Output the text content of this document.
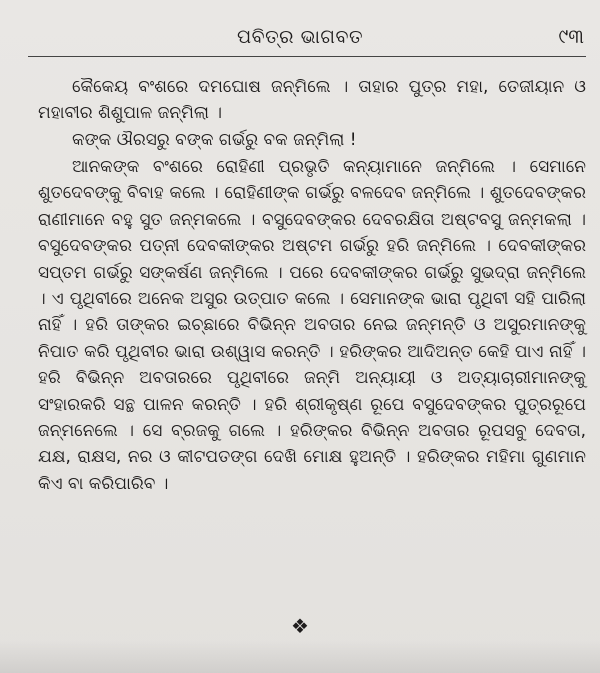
ପବିତ୍ର ଭାଗବତ	୯୩

କୈକେୟ ବଂଶରେ ଦମଘୋଷ ଜନ୍ମିଲେ । ତାହାର ପୁତ୍ର ମହା, ତେଜୀୟାନ ଓ ମହାବୀର ଶିଶୁପାଳ ଜନ୍ମିଲା ।

କଙ୍କ ଔରସରୁ ବଙ୍କ ଗର୍ଭରୁ ବକ ଜନ୍ମିଲା !

ଆନକଙ୍କ ବଂଶରେ ରୋହିଣୀ ପ୍ରଭୃତି କନ୍ୟାମାନେ ଜନ୍ମିଲେ । ସେମାନେ ଶୁତଦେବଙ୍କୁ ବିବାହ କଲେ । ରୋହିଣୀଙ୍କ ଗର୍ଭରୁ ବଳଦେବ ଜନ୍ମିଲେ । ଶୁତଦେବଙ୍କର ରାଣୀମାନେ ବହୁ ସୁତ ଜନ୍ମକଲେ । ବସୁଦେବଙ୍କର ଦେବରକ୍ଷିତା ଅଷ୍ଟବସୁ ଜନ୍ମକଲା । ବସୁଦେବଙ୍କର ପତ୍ନୀ ଦେବକୀଙ୍କର ଅଷ୍ଟମ ଗର୍ଭରୁ ହରି ଜନ୍ମିଲେ । ଦେବକୀଙ୍କର ସପ୍ତମ ଗର୍ଭରୁ ସଙ୍କର୍ଷଣ ଜନ୍ମିଲେ । ପରେ ଦେବକୀଙ୍କର ଗର୍ଭରୁ ସୁଭଦ୍ରା ଜନ୍ମିଲେ । ଏ ପୃଥିବୀରେ ଅନେକ ଅସୁର ଉତ୍ପାତ କଲେ । ସେମାନଙ୍କ ଭାରା ପୃଥିବୀ ସହି ପାରିଲା ନାହିଁ । ହରି ତାଙ୍କର ଇଚ୍ଛାରେ ବିଭିନ୍ନ ଅବତାର ନେଇ ଜନ୍ମନ୍ତି ଓ ଅସୁରମାନଙ୍କୁ ନିପାତ କରି ପୃଥିବୀର ଭାରା ଉଶ୍ୱାସ କରନ୍ତି । ହରିଙ୍କର ଆଦିଅନ୍ତ କେହି ପାଏ ନାହିଁ । ହରି ବିଭିନ୍ନ ଅବତାରରେ ପୃଥିବୀରେ ଜନ୍ମି ଅନ୍ୟାୟୀ ଓ ଅତ୍ୟାଚାରୀମାନଙ୍କୁ ସଂହାରକରି ସନ୍ଥ ପାଳନ କରନ୍ତି । ହରି ଶ୍ରୀକୃଷ୍ଣ ରୂପେ ବସୁଦେବଙ୍କର ପୁତ୍ରରୂପେ ଜନ୍ମନେଲେ । ସେ ବ୍ରଜକୁ ଗଲେ । ହରିଙ୍କର ବିଭିନ୍ନ ଅବତାର ରୂପସବୁ ଦେବତା, ଯକ୍ଷ, ରାକ୍ଷସ, ନର ଓ କୀଟପତଙ୍ଗ ଦେଖି ମୋକ୍ଷ ହୁଅନ୍ତି । ହରିଙ୍କର ମହିମା ଗୁଣମାନ କିଏ ବା କରିପାରିବ ।

❖
